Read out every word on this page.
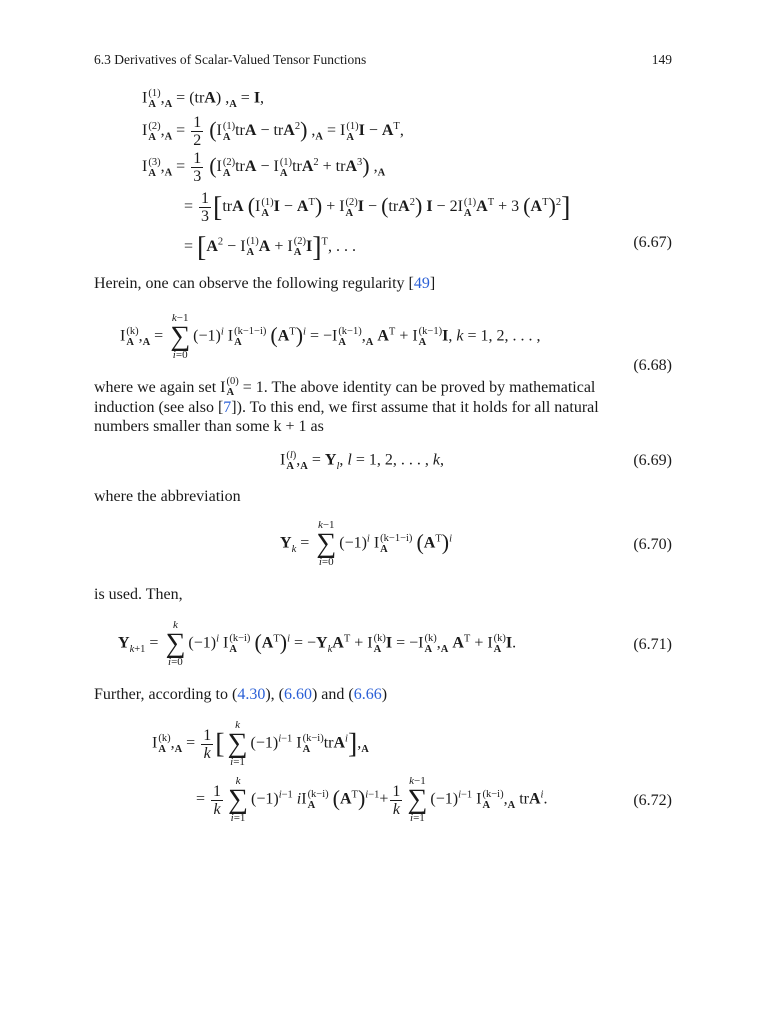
6.3 Derivatives of Scalar-Valued Tensor Functions	149
I (1)
A $,_A = (trA) ,_A = I$,
I (2)
A $,_A = \frac{1}{2} (I$ (1)
A trA − trA$^2$) $,_A = I$ (1)
A $I - A^T$,
I (3)
A $,_A = \frac{1}{3} (I$ (2)
A trA − I (1)
A trA$^2$ + trA$^3$) $,_A$
= $\frac{1}{3} [trA$ (I (1)
A $I - A^T) + I$ (2)
A I − (trA$^2$) I − 2I (1)
A $A^T + 3$ $(A^T)^2$]
= [$A^2 - I$ (1)
A A + I (2)
A I]$^T$, . . .	(6.67)
Herein, one can observe the following regularity [49]
I (k)
A $,_A$ =
k−1
∑
i=0
$(-1)^i$ I (k−1−i)
A	$(A^T)^i = -I$ (k−1)
A $,_A$ $A^T + I$ (k−1)
A I, k = 1, 2, . . . ,
(6.68)
where we again set I (0)
A = 1. The above identity can be proved by mathematical
induction (see also [7]). To this end, we first assume that it holds for all natural
numbers smaller than some k + 1 as
I (l)
A $,_A = Y_l$, l = 1, 2, . . . , k,	(6.69)
where the abbreviation
$Y_k$ =
k−1
∑
i=0
$(-1)^i$ I (k−1−i)
A	$(A^T)^i$	(6.70)
is used. Then,
$Y_{k+1}$ =
k
∑
i=0
$(-1)^i$ I (k−i)
A $(A^T)^i = -Y_kA^T + I$ (k)
A I = −I (k)
A $,_A$ $A^T + I$ (k)
A I.	(6.71)
Further, according to (4.30), (6.60) and (6.66)
I (k)
A $,_A = \frac{1}{k}$ [
k
∑
i=1
$(-1)^{i-1}$ I (k−i)
A $trA^i],_A$
= $\frac{1}{k}$
k
∑
i=1
$(-1)^{i-1}$ iI (k−i)
A $(A^T)^{i-1}+ \frac{1}{k}$
k−1
∑
i=1
$(-1)^{i-1}$ I (k−i)
A $,_A$ trA$^i$.	(6.72)
